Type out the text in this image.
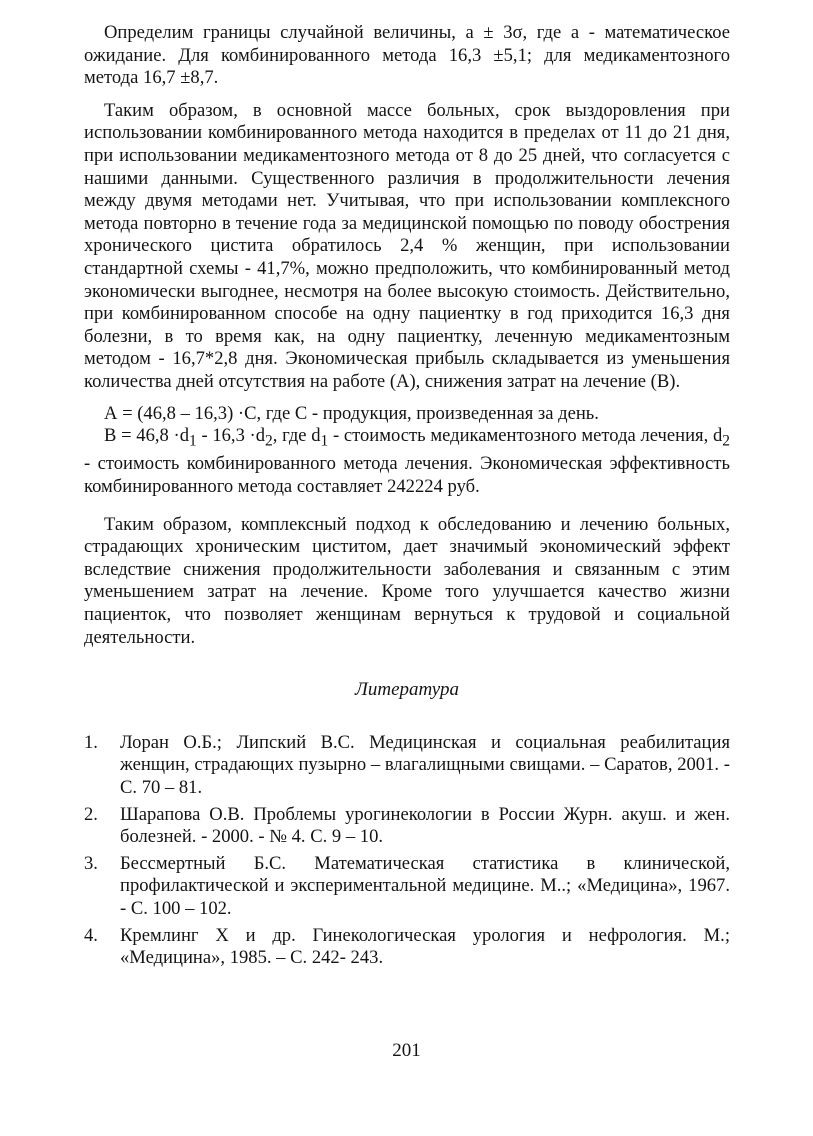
Определим границы случайной величины, a ± 3σ, где а - математическое ожидание. Для комбинированного метода 16,3 ±5,1; для медикаментозного метода 16,7 ±8,7.

Таким образом, в основной массе больных, срок выздоровления при использовании комбинированного метода находится в пределах от 11 до 21 дня, при использовании медикаментозного метода от 8 до 25 дней, что согласуется с нашими данными. Существенного различия в продолжительности лечения между двумя методами нет. Учитывая, что при использовании комплексного метода повторно в течение года за медицинской помощью по поводу обострения хронического цистита обратилось 2,4 % женщин, при использовании стандартной схемы - 41,7%, можно предположить, что комбинированный метод экономически выгоднее, несмотря на более высокую стоимость. Действительно, при комбинированном способе на одну пациентку в год приходится 16,3 дня болезни, в то время как, на одну пациентку, леченную медикаментозным методом - 16,7*2,8 дня. Экономическая прибыль складывается из уменьшения количества дней отсутствия на работе (А), снижения затрат на лечение (В).

А = (46,8 – 16,3) ·С, где С - продукция, произведенная за день.

$В = 46,8 \cdot d_1 - 16,3 \cdot d_2$, где $d_1$ - стоимость медикаментозного метода лечения, $d_2$ - стоимость комбинированного метода лечения. Экономическая эффективность комбинированного метода составляет 242224 руб.

Таким образом, комплексный подход к обследованию и лечению больных, страдающих хроническим циститом, дает значимый экономический эффект вследствие снижения продолжительности заболевания и связанным с этим уменьшением затрат на лечение. Кроме того улучшается качество жизни пациенток, что позволяет женщинам вернуться к трудовой и социальной деятельности.

Литература
1. Лоран О.Б.; Липский В.С. Медицинская и социальная реабилитация женщин, страдающих пузырно – влагалищными свищами. – Саратов, 2001. - С. 70 – 81.
2. Шарапова О.В. Проблемы урогинекологии в России Журн. акуш. и жен. болезней. - 2000. - № 4. С. 9 – 10.
3. Бессмертный Б.С. Математическая статистика в клинической, профилактической и экспериментальной медицине. М..; «Медицина», 1967. - С. 100 – 102.
4. Кремлинг Х и др. Гинекологическая урология и нефрология. М.; «Медицина», 1985. – С. 242- 243.
201
